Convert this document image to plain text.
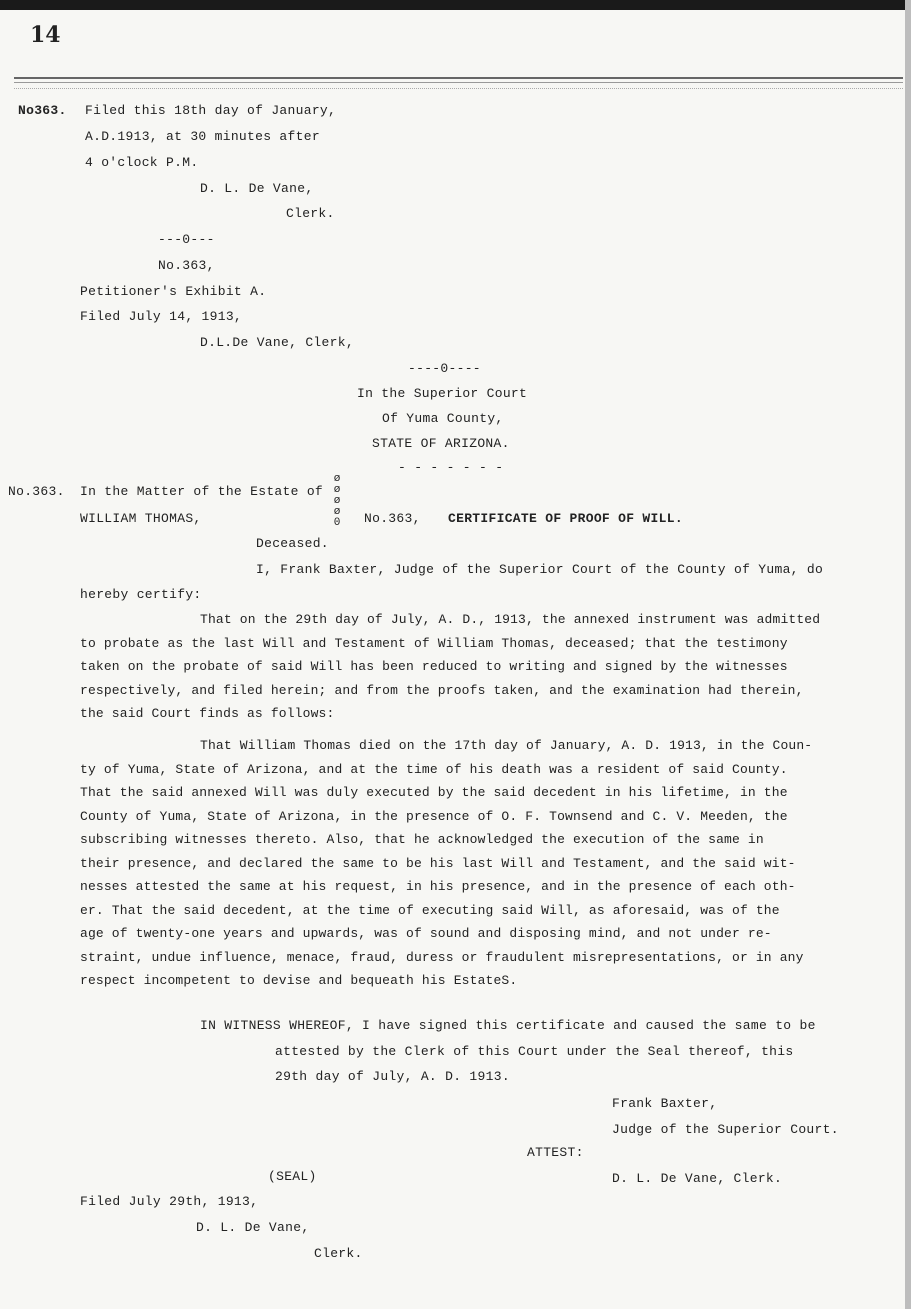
14
No363. Filed this 18th day of January,
A.D.1913, at 30 minutes after
4 o'clock P.M.
D. L. De Vane,
Clerk.
---0---
No.363,
Petitioner's Exhibit A.
Filed July 14, 1913,
D.L.De Vane, Clerk,
----0----
In the Superior Court
Of Yuma County,
STATE OF ARIZONA.
- - - - - - -
No.363. In the Matter of the Estate of
WILLIAM THOMAS,
Deceased.
ø
ø
ø
ø
0 No.363, CERTIFICATE OF PROOF OF WILL.
I, Frank Baxter, Judge of the Superior Court of the County of Yuma, do
hereby certify:

That on the 29th day of July, A. D., 1913, the annexed instrument was admitted

to probate as the last Will and Testament of William Thomas, deceased; that the testimony

taken on the probate of said Will has been reduced to writing and signed by the witnesses

respectively, and filed herein; and from the proofs taken, and the examination had therein,

the said Court finds as follows:

That William Thomas died on the 17th day of January, A. D. 1913, in the Coun-

ty of Yuma, State of Arizona, and at the time of his death was a resident of said County.

That the said annexed Will was duly executed by the said decedent in his lifetime, in the

County of Yuma, State of Arizona, in the presence of O. F. Townsend and C. V. Meeden, the

subscribing witnesses thereto. Also, that he acknowledged the execution of the same in

their presence, and declared the same to be his last Will and Testament, and the said wit-

nesses attested the same at his request, in his presence, and in the presence of each oth-

er. That the said decedent, at the time of executing said Will, as aforesaid, was of the

age of twenty-one years and upwards, was of sound and disposing mind, and not under re-

straint, undue influence, menace, fraud, duress or fraudulent misrepresentations, or in any

respect incompetent to devise and bequeath his EstateS.

IN WITNESS WHEREOF, I have signed this certificate and caused the same to be
attested by the Clerk of this Court under the Seal thereof, this
29th day of July, A. D. 1913.
Frank Baxter,
Judge of the Superior Court.
ATTEST:
(SEAL)	D. L. De Vane, Clerk.
Filed July 29th, 1913,
D. L. De Vane,
Clerk.
